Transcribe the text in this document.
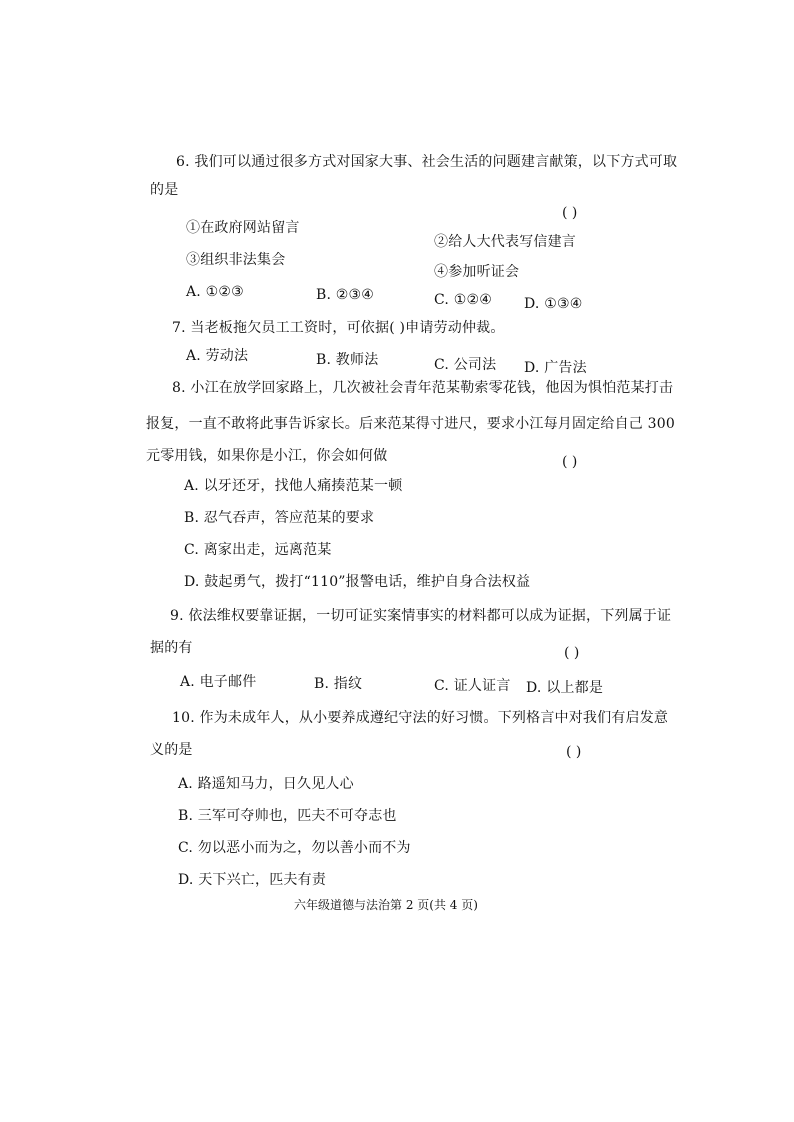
6. 我们可以通过很多方式对国家大事、社会生活的问题建言献策，以下方式可取
的是
( )
①在政府网站留言
②给人大代表写信建言
③组织非法集会
④参加听证会
A. ①②③	B. ②③④	C. ①②④ D. ①③④
7. 当老板拖欠员工工资时，可依据( )申请劳动仲裁。
A. 劳动法	B. 教师法	C. 公司法 D. 广告法
8. 小江在放学回家路上，几次被社会青年范某勒索零花钱，他因为惧怕范某打击
报复，一直不敢将此事告诉家长。后来范某得寸进尺，要求小江每月固定给自己 300
元零用钱，如果你是小江，你会如何做	( )
A. 以牙还牙，找他人痛揍范某一顿
B. 忍气吞声，答应范某的要求
C. 离家出走，远离范某
D. 鼓起勇气，拨打“110”报警电话，维护自身合法权益
9. 依法维权要靠证据，一切可证实案情事实的材料都可以成为证据，下列属于证
据的有	( )
A. 电子邮件	B. 指纹	C. 证人证言 D. 以上都是
10. 作为未成年人，从小要养成遵纪守法的好习惯。下列格言中对我们有启发意
义的是	( )
A. 路遥知马力，日久见人心
B. 三军可夺帅也，匹夫不可夺志也
C. 勿以恶小而为之，勿以善小而不为
D. 天下兴亡，匹夫有责
六年级道德与法治第 2 页(共 4 页)
